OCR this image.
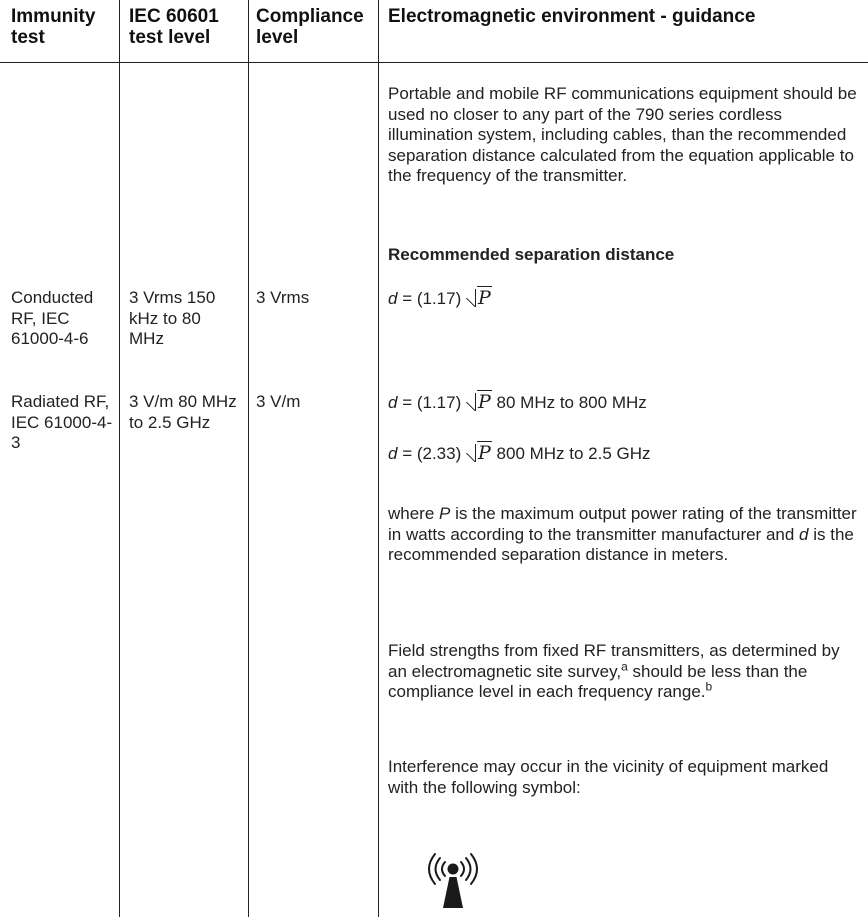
Immunity test
IEC 60601 test level
Compliance level
Electromagnetic environment - guidance
Portable and mobile RF communications equipment should be used no closer to any part of the 790 series cordless illumination system, including cables, than the recommended separation distance calculated from the equation applicable to the frequency of the transmitter.
Recommended separation distance
Conducted RF, IEC 61000-4-6
3 Vrms 150 kHz to 80 MHz
3 Vrms	d = (1.17) P
Radiated RF, IEC 61000-4-3
3 V/m 80 MHz to 2.5 GHz
3 V/m	d = (1.17) P 80 MHz to 800 MHz
d = (2.33) P 800 MHz to 2.5 GHz
where P is the maximum output power rating of the transmitter in watts according to the transmitter manufacturer and d is the recommended separation distance in meters.
Field strengths from fixed RF transmitters, as determined by an electromagnetic site survey,$^a$ should be less than the compliance level in each frequency range.$^b$
Interference may occur in the vicinity of equipment marked with the following symbol:
